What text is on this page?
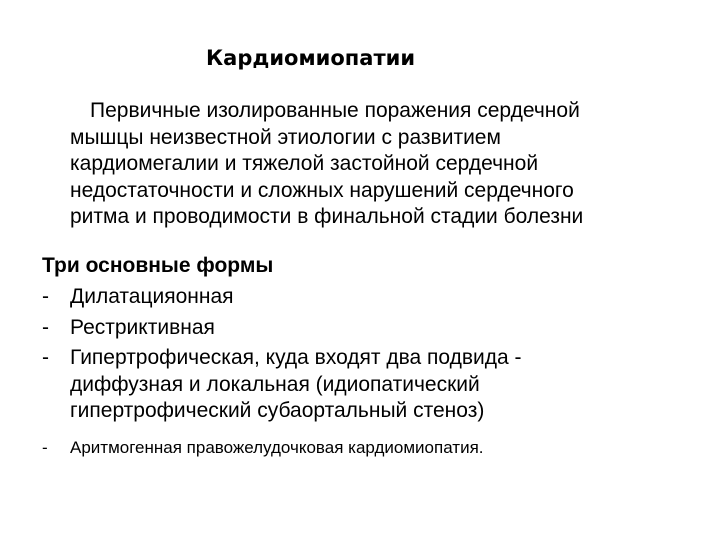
Кардиомиопатии
Первичные изолированные поражения сердечной
мышцы неизвестной этиологии с развитием
кардиомегалии и тяжелой застойной сердечной
недостаточности и сложных нарушений сердечного
ритма и проводимости в финальной стадии болезни
Три основные формы
- Дилатацияонная
- Рестриктивная
- Гипертрофическая, куда входят два подвида -
диффузная и локальная (идиопатический
гипертрофический субаортальный стеноз)
- Аритмогенная правожелудочковая кардиомиопатия.
